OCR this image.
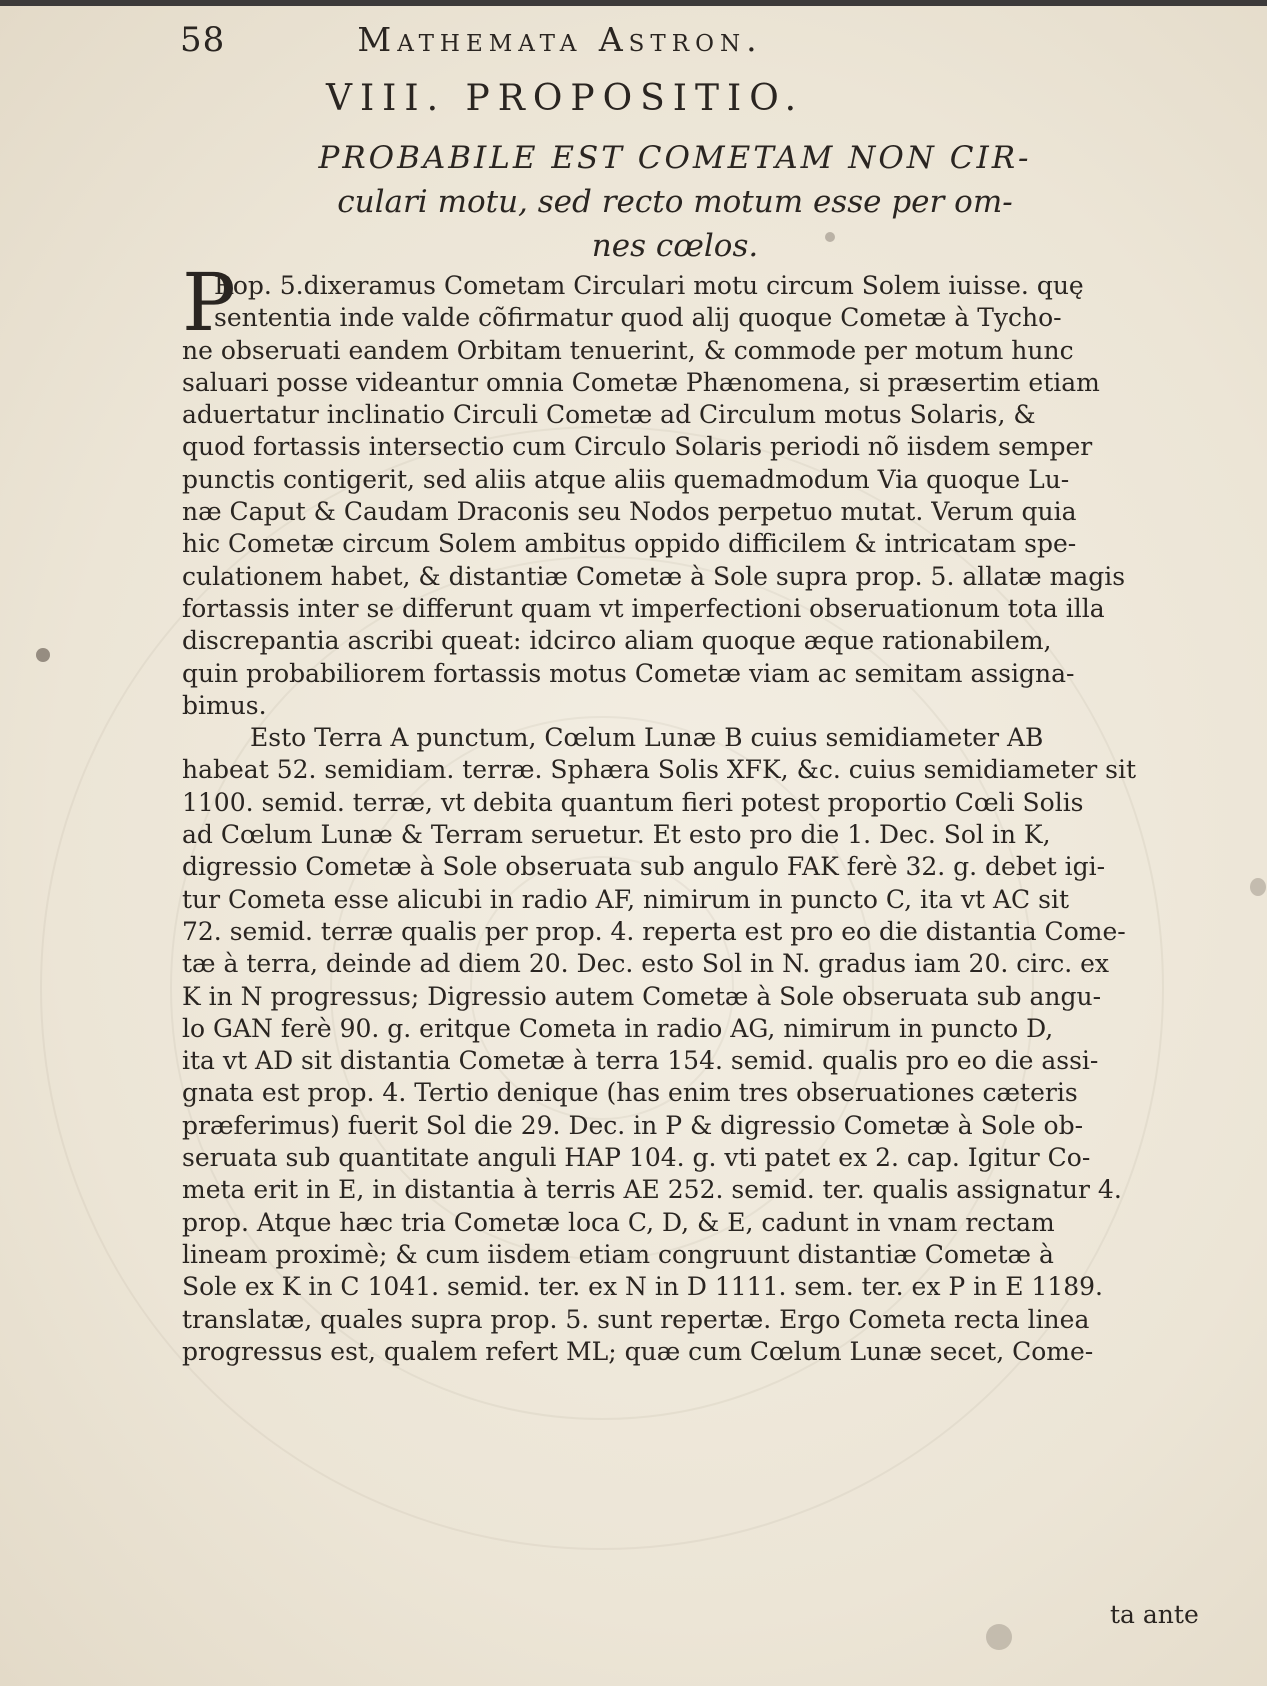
58	Mathemata Astron.
VIII. PROPOSITIO.
PROBABILE EST COMETAM NON CIR-
culari motu, sed recto motum esse per om-
nes cœlos.
P
Rop. 5.dixeramus Cometam Circulari motu circum Solem iuisse. quę
sententia inde valde cõfirmatur quod alij quoque Cometæ à Tycho-
ne obseruati eandem Orbitam tenuerint, & commode per motum hunc
saluari posse videantur omnia Cometæ Phænomena, si præsertim etiam
aduertatur inclinatio Circuli Cometæ ad Circulum motus Solaris, &
quod fortassis intersectio cum Circulo Solaris periodi nõ iisdem semper
punctis contigerit, sed aliis atque aliis quemadmodum Via quoque Lu-
næ Caput & Caudam Draconis seu Nodos perpetuo mutat. Verum quia
hic Cometæ circum Solem ambitus oppido difficilem & intricatam spe-
culationem habet, & distantiæ Cometæ à Sole supra prop. 5. allatæ magis
fortassis inter se differunt quam vt imperfectioni obseruationum tota illa
discrepantia ascribi queat: idcirco aliam quoque æque rationabilem,
quin probabiliorem fortassis motus Cometæ viam ac semitam assigna-
bimus.
Esto Terra A punctum, Cœlum Lunæ B cuius semidiameter AB
habeat 52. semidiam. terræ. Sphæra Solis XFK, &c. cuius semidiameter sit
1100. semid. terræ, vt debita quantum fieri potest proportio Cœli Solis
ad Cœlum Lunæ & Terram seruetur. Et esto pro die 1. Dec. Sol in K,
digressio Cometæ à Sole obseruata sub angulo FAK ferè 32. g. debet igi-
tur Cometa esse alicubi in radio AF, nimirum in puncto C, ita vt AC sit
72. semid. terræ qualis per prop. 4. reperta est pro eo die distantia Come-
tæ à terra, deinde ad diem 20. Dec. esto Sol in N. gradus iam 20. circ. ex
K in N progressus; Digressio autem Cometæ à Sole obseruata sub angu-
lo GAN ferè 90. g. eritque Cometa in radio AG, nimirum in puncto D,
ita vt AD sit distantia Cometæ à terra 154. semid. qualis pro eo die assi-
gnata est prop. 4. Tertio denique (has enim tres obseruationes cæteris
præferimus) fuerit Sol die 29. Dec. in P & digressio Cometæ à Sole ob-
seruata sub quantitate anguli HAP 104. g. vti patet ex 2. cap. Igitur Co-
meta erit in E, in distantia à terris AE 252. semid. ter. qualis assignatur 4.
prop. Atque hæc tria Cometæ loca C, D, & E, cadunt in vnam rectam
lineam proximè; & cum iisdem etiam congruunt distantiæ Cometæ à
Sole ex K in C 1041. semid. ter. ex N in D 1111. sem. ter. ex P in E 1189.
translatæ, quales supra prop. 5. sunt repertæ. Ergo Cometa recta linea
progressus est, qualem refert ML; quæ cum Cœlum Lunæ secet, Come-
ta ante
